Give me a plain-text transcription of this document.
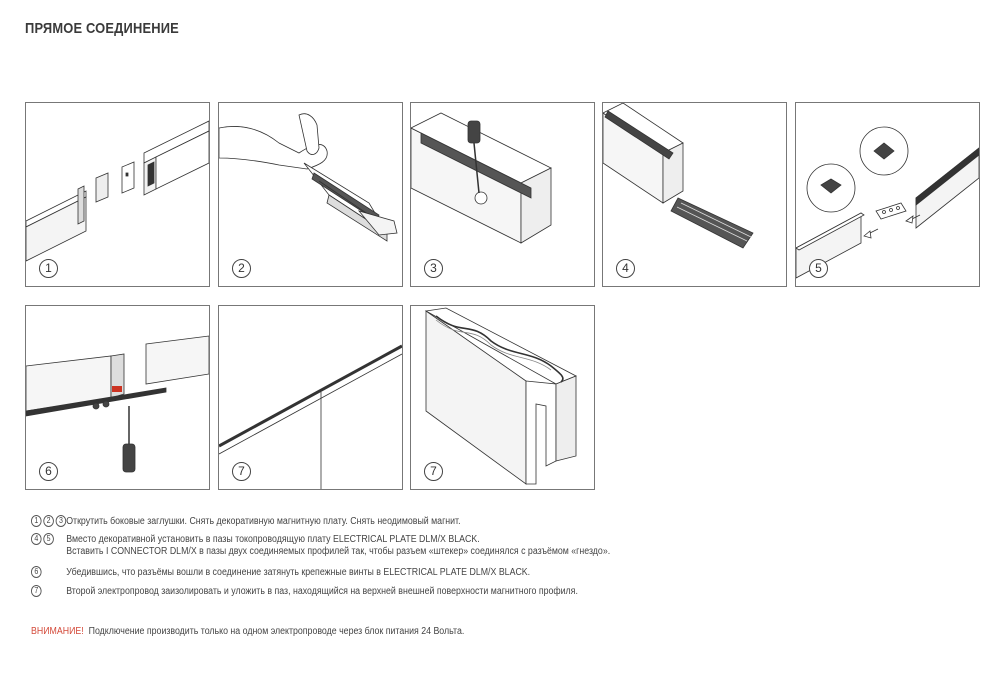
ПРЯМОЕ СОЕДИНЕНИЕ
1	2	3	4	5
6	7	7
1 2 3 Открутить боковые заглушки. Снять декоративную магнитную плату. Снять неодимовый магнит.
4 5 Вместо декоративной установить в пазы токопроводящую плату ELECTRICAL PLATE DLM/X BLACK.
Вставить I CONNECTOR DLM/X в пазы двух соединяемых профилей так, чтобы разъем «штекер» соединялся с разъёмом «гнездо».
6	Убедившись, что разъёмы вошли в соединение затянуть крепежные винты в ELECTRICAL PLATE DLM/X BLACK.
7	Второй электропровод заизолировать и уложить в паз, находящийся на верхней внешней поверхности магнитного профиля.
ВНИМАНИЕ! Подключение производить только на одном электропроводе через блок питания 24 Вольта.
